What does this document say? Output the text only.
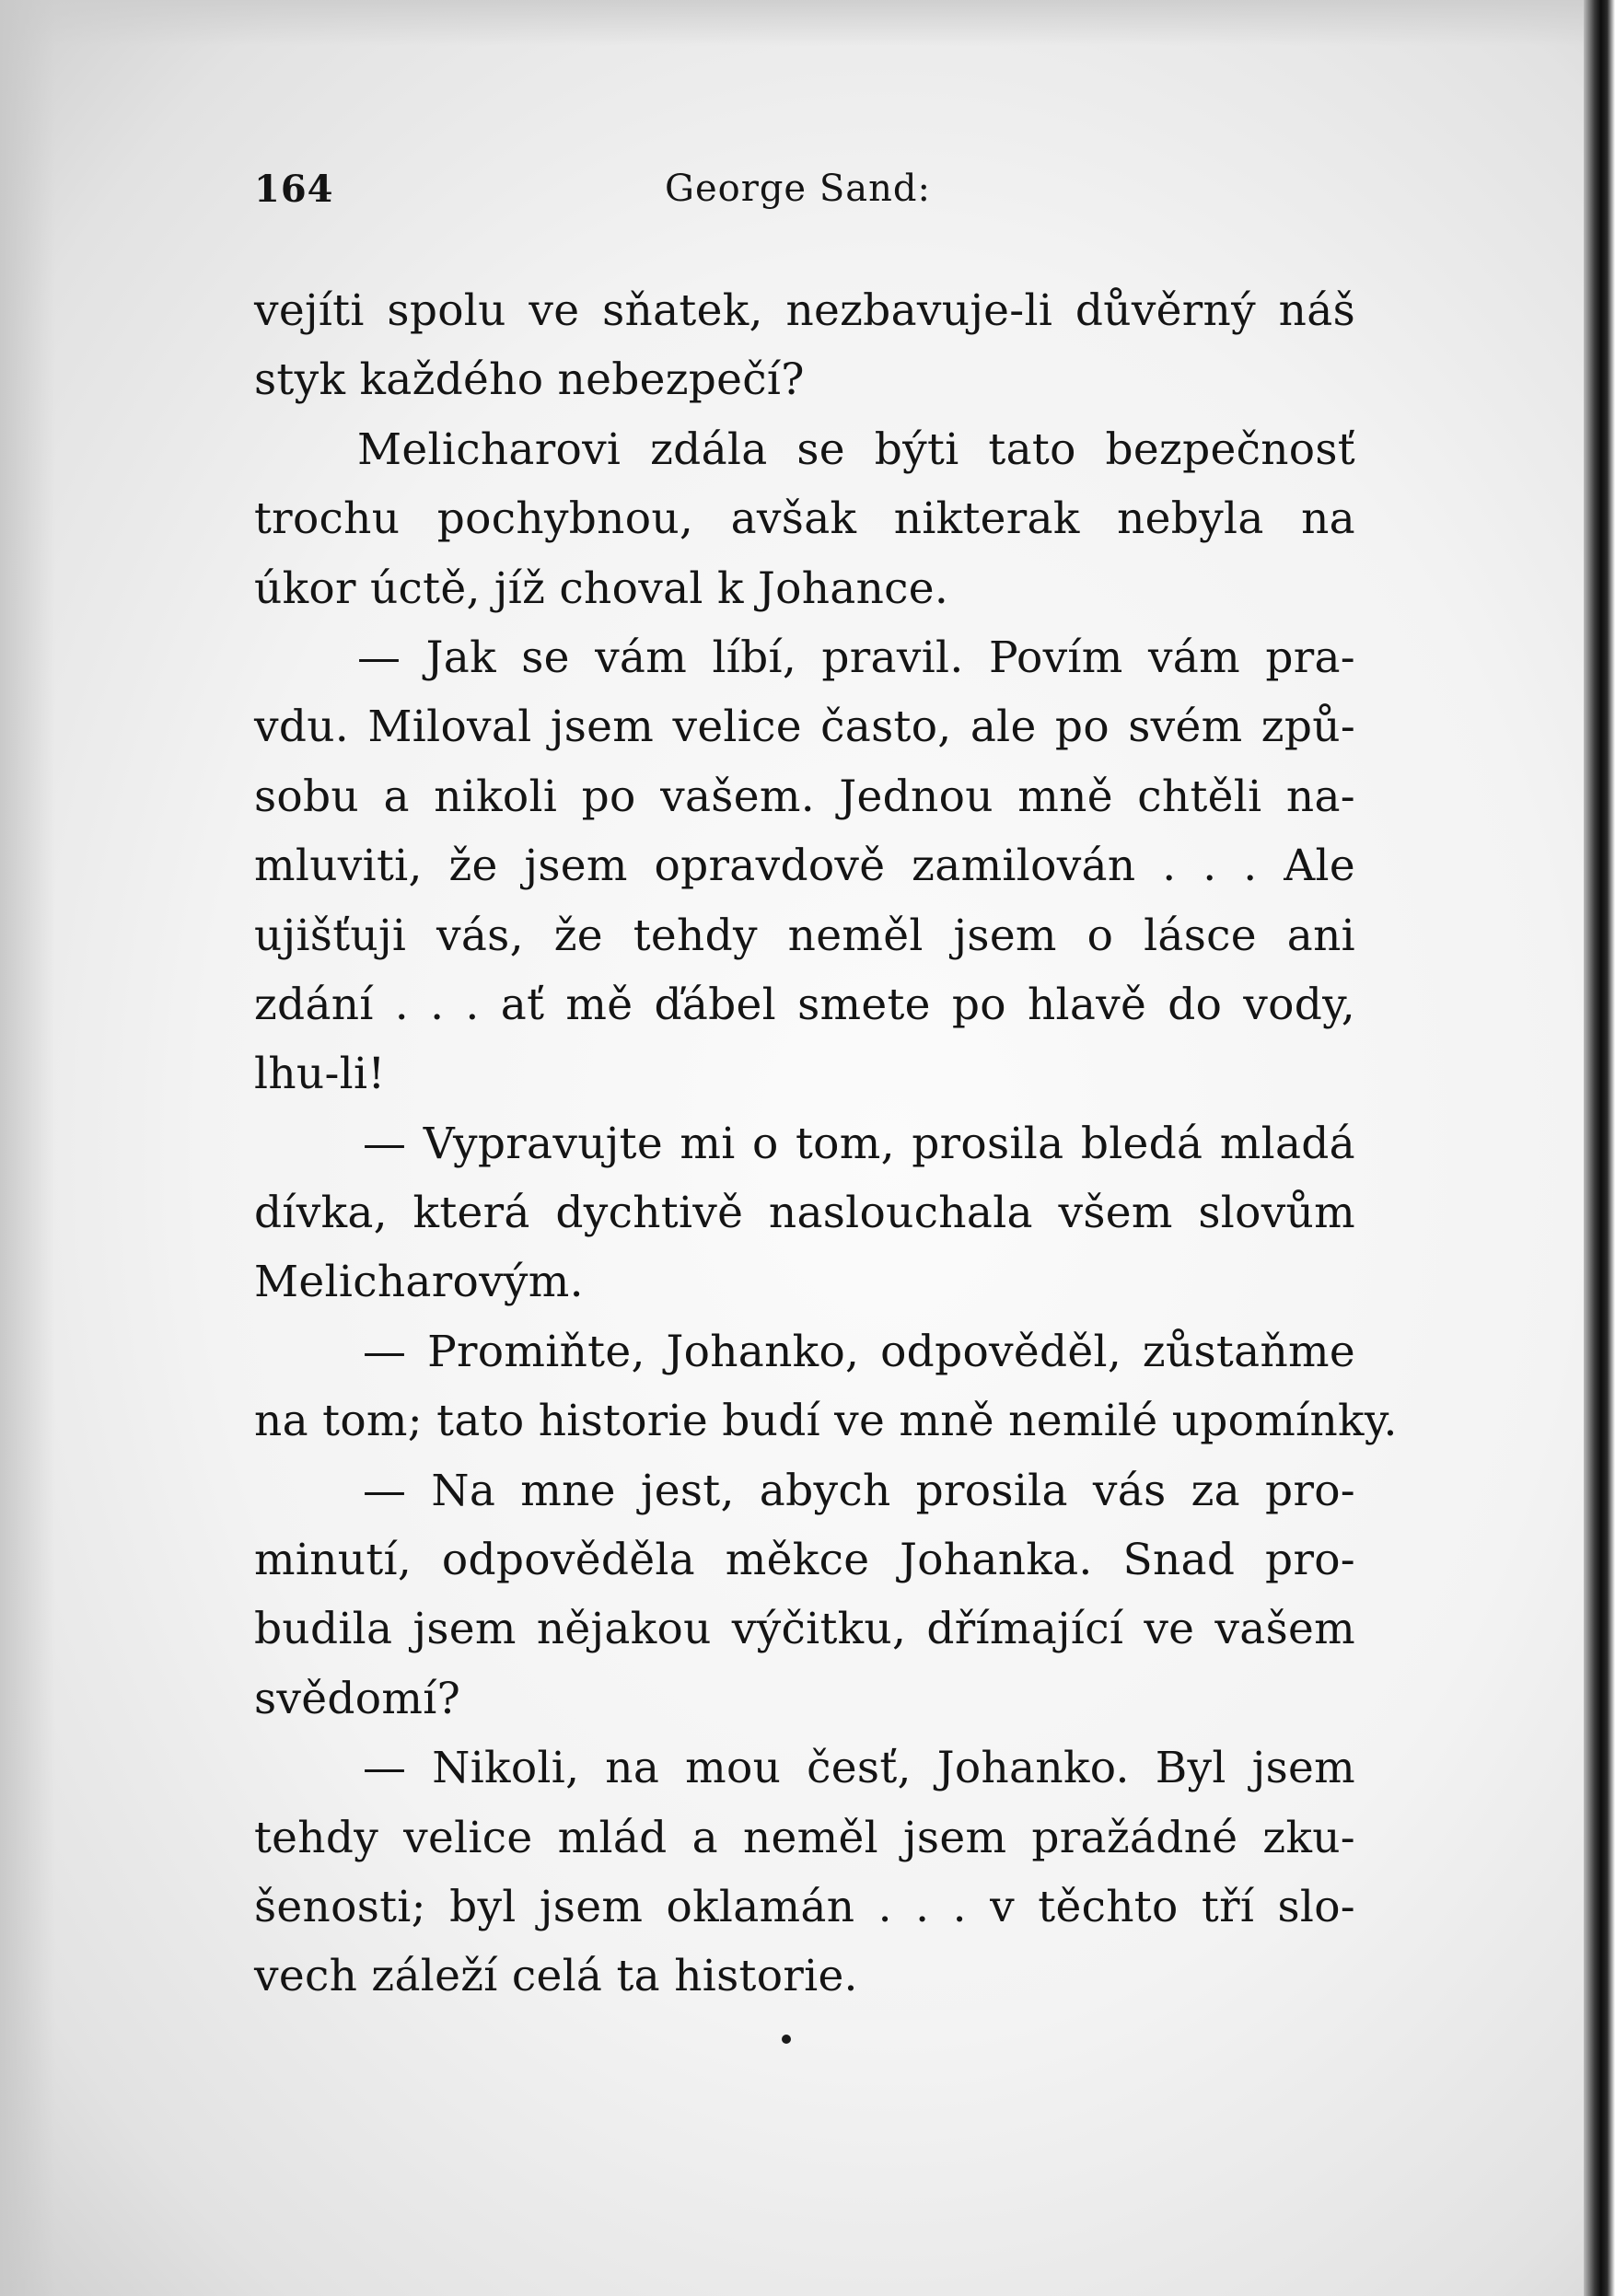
164	George Sand:
vejíti spolu ve sňatek, nezbavuje-li důvěrný náš
styk každého nebezpečí?
Melicharovi zdála se býti tato bezpečnosť
trochu pochybnou, avšak nikterak nebyla na
úkor úctě, jíž choval k Johance.
— Jak se vám líbí, pravil. Povím vám pra-
vdu. Miloval jsem velice často, ale po svém způ-
sobu a nikoli po vašem. Jednou mně chtěli na-
mluviti, že jsem opravdově zamilován . . . Ale
ujišťuji vás, že tehdy neměl jsem o lásce ani
zdání . . . ať mě ďábel smete po hlavě do vody,
lhu-li!
— Vypravujte mi o tom, prosila bledá mladá
dívka, která dychtivě naslouchala všem slovům
Melicharovým.
— Promiňte, Johanko, odpověděl, zůstaňme
na tom; tato historie budí ve mně nemilé upomínky.
— Na mne jest, abych prosila vás za pro-
minutí, odpověděla měkce Johanka. Snad pro-
budila jsem nějakou výčitku, dřímající ve vašem
svědomí?
— Nikoli, na mou česť, Johanko. Byl jsem
tehdy velice mlád a neměl jsem pražádné zku-
šenosti; byl jsem oklamán . . . v těchto tří slo-
vech záleží celá ta historie.
